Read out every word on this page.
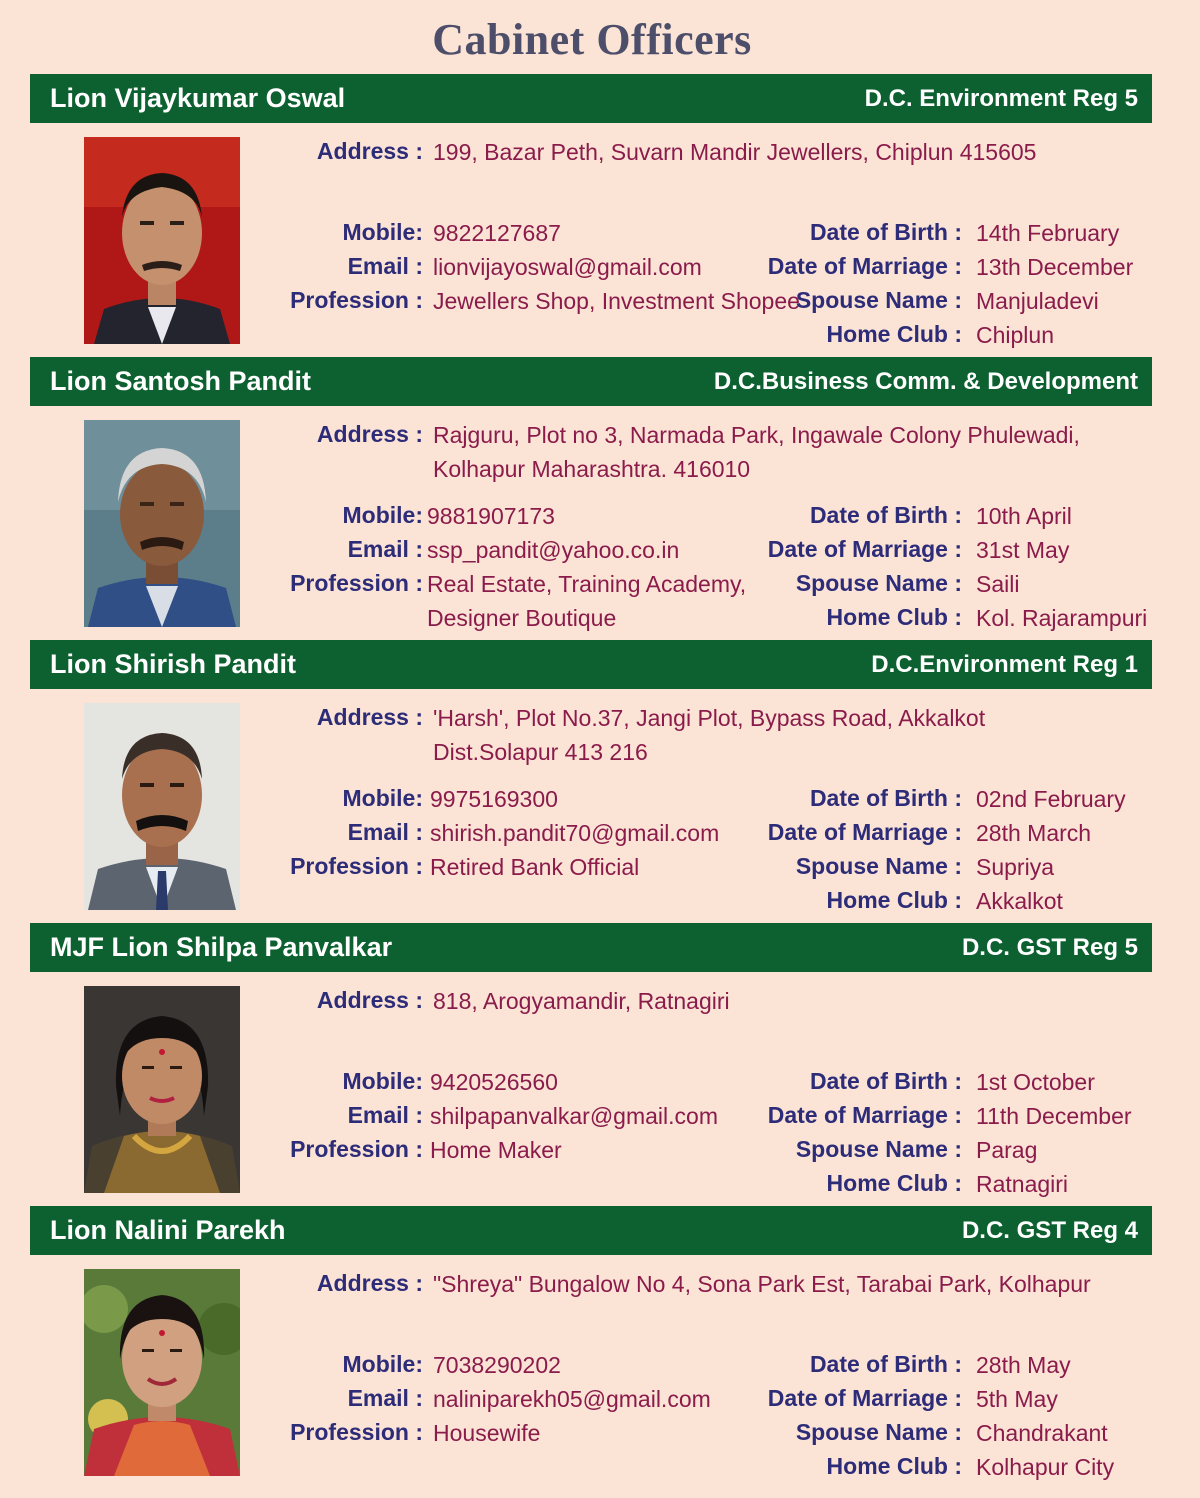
Cabinet Officers
Lion Vijaykumar Oswal	D.C. Environment Reg 5
Address : 199, Bazar Peth, Suvarn Mandir Jewellers, Chiplun 415605
Mobile: 9822127687
Email : lionvijayoswal@gmail.com
Profession : Jewellers Shop, Investment Shopee
Date of Birth : 14th February
Date of Marriage : 13th December
Spouse Name : Manjuladevi
Home Club : Chiplun
Lion Santosh Pandit	D.C.Business Comm. & Development
Address : Rajguru, Plot no 3, Narmada Park, Ingawale Colony Phulewadi,
Kolhapur Maharashtra. 416010
Mobile: 9881907173
Email : ssp_pandit@yahoo.co.in
Profession : Real Estate, Training Academy,
Designer Boutique
Date of Birth : 10th April
Date of Marriage : 31st May
Spouse Name : Saili
Home Club : Kol. Rajarampuri
Lion Shirish Pandit	D.C.Environment Reg 1
Address : 'Harsh', Plot No.37, Jangi Plot, Bypass Road, Akkalkot
Dist.Solapur 413 216
Mobile: 9975169300
Email : shirish.pandit70@gmail.com
Profession : Retired Bank Official
Date of Birth : 02nd February
Date of Marriage : 28th March
Spouse Name : Supriya
Home Club : Akkalkot
MJF Lion Shilpa Panvalkar	D.C. GST Reg 5
Address : 818, Arogyamandir, Ratnagiri
Mobile: 9420526560
Email : shilpapanvalkar@gmail.com
Profession : Home Maker
Date of Birth : 1st October
Date of Marriage : 11th December
Spouse Name : Parag
Home Club : Ratnagiri
Lion Nalini Parekh	D.C. GST Reg 4
Address : "Shreya" Bungalow No 4, Sona Park Est, Tarabai Park, Kolhapur
Mobile: 7038290202
Email : naliniparekh05@gmail.com
Profession : Housewife
Date of Birth : 28th May
Date of Marriage : 5th May
Spouse Name : Chandrakant
Home Club : Kolhapur City
